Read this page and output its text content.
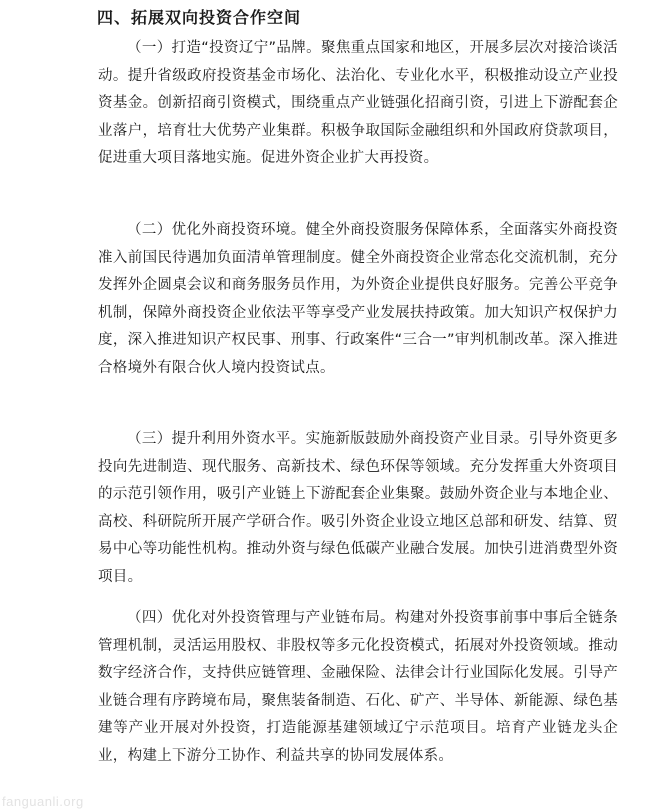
四、拓展双向投资合作空间

（一）打造“投资辽宁”品牌。聚焦重点国家和地区，开展多层次对接洽谈活动。提升省级政府投资基金市场化、法治化、专业化水平，积极推动设立产业投资基金。创新招商引资模式，围绕重点产业链强化招商引资，引进上下游配套企业落户，培育壮大优势产业集群。积极争取国际金融组织和外国政府贷款项目，促进重大项目落地实施。促进外资企业扩大再投资。

（二）优化外商投资环境。健全外商投资服务保障体系，全面落实外商投资准入前国民待遇加负面清单管理制度。健全外商投资企业常态化交流机制，充分发挥外企圆桌会议和商务服务员作用，为外资企业提供良好服务。完善公平竞争机制，保障外商投资企业依法平等享受产业发展扶持政策。加大知识产权保护力度，深入推进知识产权民事、刑事、行政案件“三合一”审判机制改革。深入推进合格境外有限合伙人境内投资试点。

（三）提升利用外资水平。实施新版鼓励外商投资产业目录。引导外资更多投向先进制造、现代服务、高新技术、绿色环保等领域。充分发挥重大外资项目的示范引领作用，吸引产业链上下游配套企业集聚。鼓励外资企业与本地企业、高校、科研院所开展产学研合作。吸引外资企业设立地区总部和研发、结算、贸易中心等功能性机构。推动外资与绿色低碳产业融合发展。加快引进消费型外资项目。

（四）优化对外投资管理与产业链布局。构建对外投资事前事中事后全链条管理机制，灵活运用股权、非股权等多元化投资模式，拓展对外投资领域。推动数字经济合作，支持供应链管理、金融保险、法律会计行业国际化发展。引导产业链合理有序跨境布局，聚焦装备制造、石化、矿产、半导体、新能源、绿色基建等产业开展对外投资，打造能源基建领域辽宁示范项目。培育产业链龙头企业，构建上下游分工协作、利益共享的协同发展体系。

fanguanli.org
